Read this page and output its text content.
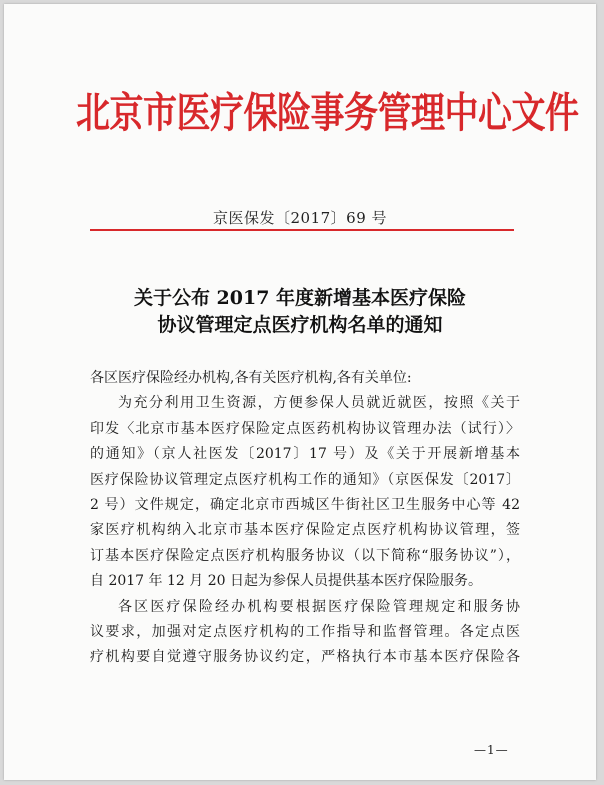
北京市医疗保险事务管理中心文件
京医保发〔2017〕69 号
关于公布 2017 年度新增基本医疗保险
协议管理定点医疗机构名单的通知
各区医疗保险经办机构,各有关医疗机构,各有关单位:
为充分利用卫生资源，方便参保人员就近就医，按照《关于
印发〈北京市基本医疗保险定点医药机构协议管理办法（试行）〉
的通知》（京人社医发〔2017〕17 号）及《关于开展新增基本
医疗保险协议管理定点医疗机构工作的通知》（京医保发〔2017〕
2 号）文件规定，确定北京市西城区牛街社区卫生服务中心等 42
家医疗机构纳入北京市基本医疗保险定点医疗机构协议管理，签
订基本医疗保险定点医疗机构服务协议（以下简称“服务协议”），
自 2017 年 12 月 20 日起为参保人员提供基本医疗保险服务。
各区医疗保险经办机构要根据医疗保险管理规定和服务协
议要求，加强对定点医疗机构的工作指导和监督管理。各定点医
疗机构要自觉遵守服务协议约定，严格执行本市基本医疗保险各
—1—
